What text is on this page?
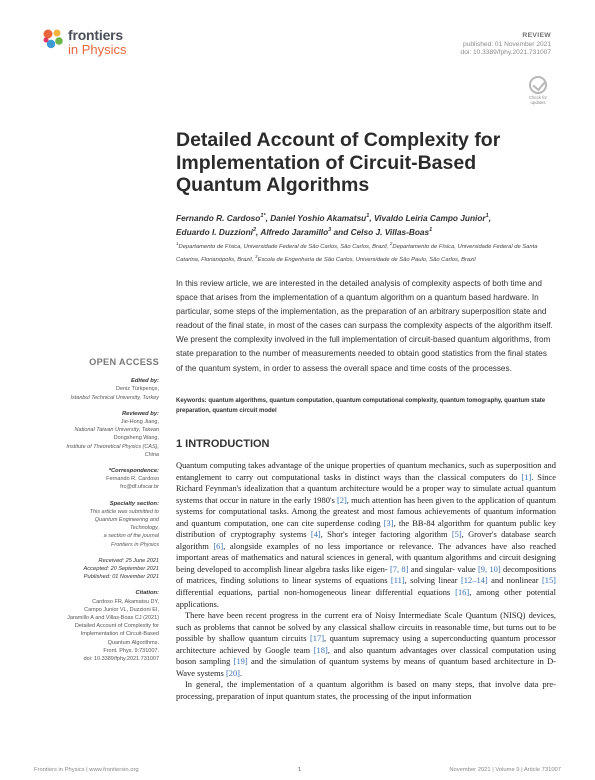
frontiers
in Physics
REVIEW
published: 01 November 2021
doi: 10.3389/fphy.2021.731007
Check for updates
Detailed Account of Complexity for Implementation of Circuit-Based Quantum Algorithms
Fernando R. Cardoso$^{1*}$, Daniel Yoshio Akamatsu$^1$, Vivaldo Leiria Campo Junior$^1$,
Eduardo I. Duzzioni$^2$, Alfredo Jaramillo$^3$ and Celso J. Villas-Boas$^1$
$^1$Departamento de Física, Universidade Federal de São Carlos, São Carlos, Brazil, $^2$Departamento de Física, Universidade Federal de Santa Catarina, Florianópolis, Brazil, $^3$Escola de Engenharia de São Carlos, Universidade de São Paulo, São Carlos, Brazil
In this review article, we are interested in the detailed analysis of complexity aspects of both time and space that arises from the implementation of a quantum algorithm on a quantum based hardware. In particular, some steps of the implementation, as the preparation of an arbitrary superposition state and readout of the final state, in most of the cases can surpass the complexity aspects of the algorithm itself. We present the complexity involved in the full implementation of circuit-based quantum algorithms, from state preparation to the number of measurements needed to obtain good statistics from the final states of the quantum system, in order to assess the overall space and time costs of the processes.
Keywords: quantum algorithms, quantum computation, quantum computational complexity, quantum tomography, quantum state preparation, quantum circuit model
1 INTRODUCTION

Quantum computing takes advantage of the unique properties of quantum mechanics, such as superposition and entanglement to carry out computational tasks in distinct ways than the classical computers do [1]. Since Richard Feynman's idealization that a quantum architecture would be a proper way to simulate actual quantum systems that occur in nature in the early 1980's [2], much attention has been given to the application of quantum systems for computational tasks. Among the greatest and most famous achievements of quantum information and quantum computation, one can cite superdense coding [3], the BB-84 algorithm for quantum public key distribution of cryptography systems [4], Shor's integer factoring algorithm [5], Grover's database search algorithm [6], alongside examples of no less importance or relevance. The advances have also reached important areas of mathematics and natural sciences in general, with quantum algorithms and circuit designing being developed to accomplish linear algebra tasks like eigen- [7, 8] and singular- value [9, 10] decompositions of matrices, finding solutions to linear systems of equations [11], solving linear [12–14] and nonlinear [15] differential equations, partial non-homogeneous linear differential equations [16], among other potential applications.

There have been recent progress in the current era of Noisy Intermediate Scale Quantum (NISQ) devices, such as problems that cannot be solved by any classical shallow circuits in reasonable time, but turns out to be possible by shallow quantum circuits [17], quantum supremacy using a superconducting quantum processor architecture achieved by Google team [18], and also quantum advantages over classical computation using boson sampling [19] and the simulation of quantum systems by means of quantum based architecture in D-Wave systems [20].

In general, the implementation of a quantum algorithm is based on many steps, that involve data pre-processing, preparation of input quantum states, the processing of the input information

OPEN ACCESS
Edited by:
Deniz Türkpençe,
Istanbul Technical University, Turkey
Reviewed by:
Jie-Hong Jiang,
National Taiwan University, Taiwan
Dongsheng Wang,
Institute of Theoretical Physics (CAS),
China
*Correspondence:
Fernando R. Cardoso
frc@df.ufscar.br
Specialty section:
This article was submitted to
Quantum Engineering and
Technology,
a section of the journal
Frontiers in Physics
Received: 25 June 2021
Accepted: 20 September 2021
Published: 01 November 2021
Citation:
Cardoso FR, Akamatsu DY,
Campo Junior VL, Duzzioni EI,
Jaramillo A and Villas-Boas CJ (2021)
Detailed Account of Complexity for
Implementation of Circuit-Based
Quantum Algorithms.
Front. Phys. 9:731007.
doi: 10.3389/fphy.2021.731007
Frontiers in Physics | www.frontiersin.org	1	November 2021 | Volume 9 | Article 731007
